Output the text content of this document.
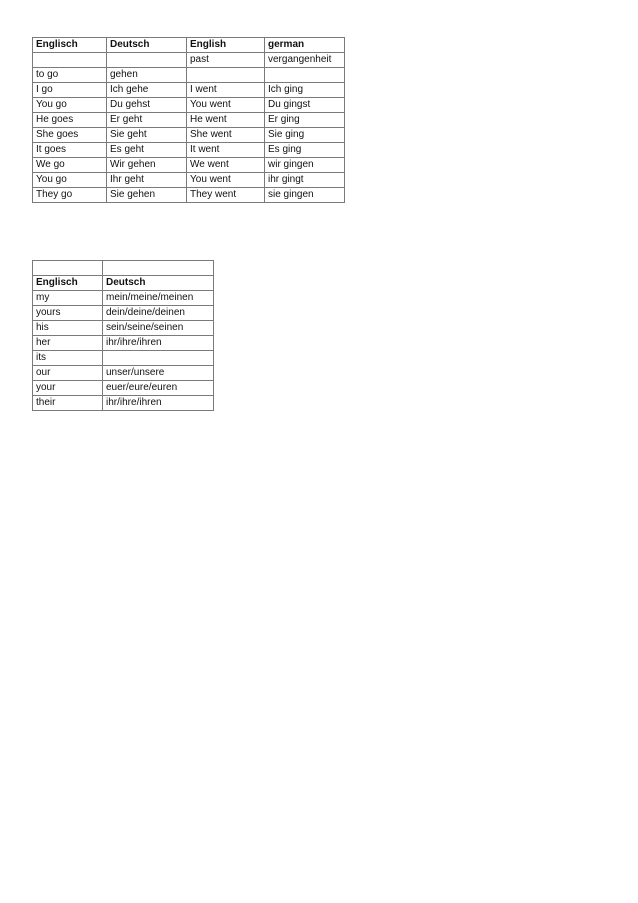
Englisch	Deutsch	English	german
		past	vergangenheit
to go	gehen		
I go	Ich gehe	I went	Ich ging
You go	Du gehst	You went	Du gingst
He goes	Er geht	He went	Er ging
She goes	Sie geht	She went	Sie ging
It goes	Es geht	It went	Es ging
We go	Wir gehen	We went	wir gingen
You go	Ihr geht	You went	ihr gingt
They go	Sie gehen	They went	sie gingen

Englisch	Deutsch
my	mein/meine/meinen
yours	dein/deine/deinen
his	sein/seine/seinen
her	ihr/ihre/ihren
its	
our	unser/unsere
your	euer/eure/euren
their	ihr/ihre/ihren
